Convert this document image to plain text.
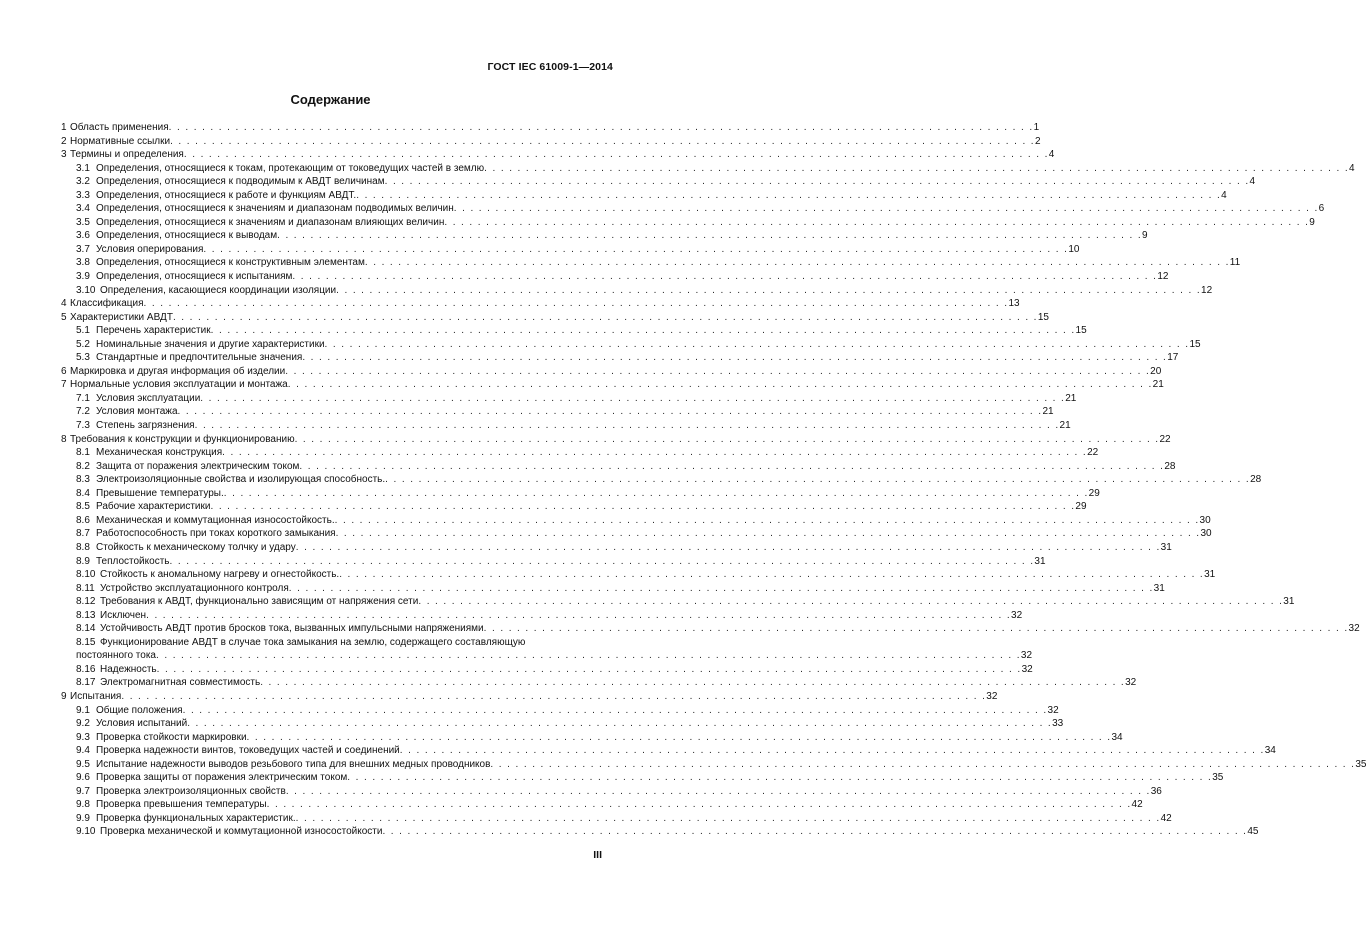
ГОСТ IEC 61009-1—2014
Содержание
1 Область применения . . .	1
2 Нормативные ссылки . . .	2
3 Термины и определения . . .	4
3.1 Определения, относящиеся к токам, протекающим от токоведущих частей в землю . . .	4
3.2 Определения, относящиеся к подводимым к АВДТ величинам . . .	4
3.3 Определения, относящиеся к работе и функциям АВДТ. . . .	4
3.4 Определения, относящиеся к значениям и диапазонам подводимых величин . . .	6
3.5 Определения, относящиеся к значениям и диапазонам влияющих величин . . .	9
3.6 Определения, относящиеся к выводам . . .	9
3.7 Условия оперирования . . .	10
3.8 Определения, относящиеся к конструктивным элементам . . .	11
3.9 Определения, относящиеся к испытаниям . . .	12
3.10 Определения, касающиеся координации изоляции . . .	12
4 Классификация . . .	13
5 Характеристики АВДТ . . .	15
5.1 Перечень характеристик . . .	15
5.2 Номинальные значения и другие характеристики . . .	15
5.3 Стандартные и предпочтительные значения . . .	17
6 Маркировка и другая информация об изделии . . .	20
7 Нормальные условия эксплуатации и монтажа . . .	21
7.1 Условия эксплуатации . . .	21
7.2 Условия монтажа . . .	21
7.3 Степень загрязнения . . .	21
8 Требования к конструкции и функционированию . . .	22
8.1 Механическая конструкция . . .	22
8.2 Защита от поражения электрическим током . . .	28
8.3 Электроизоляционные свойства и изолирующая способность. . . .	28
8.4 Превышение температуры. . . .	29
8.5 Рабочие характеристики . . .	29
8.6 Механическая и коммутационная износостойкость. . . .	30
8.7 Работоспособность при токах короткого замыкания . . .	30
8.8 Стойкость к механическому толчку и удару . . .	31
8.9 Теплостойкость . . .	31
8.10 Стойкость к аномальному нагреву и огнестойкость. . . .	31
8.11 Устройство эксплуатационного контроля . . .	31
8.12 Требования к АВДТ, функционально зависящим от напряжения сети . . .	31
8.13 Исключен . . .	32
8.14 Устойчивость АВДТ против бросков тока, вызванных импульсными напряжениями . . .	32
8.15 Функционирование АВДТ в случае тока замыкания на землю, содержащего составляющую
постоянного тока . . .	32
8.16 Надежность . . .	32
8.17 Электромагнитная совместимость . . .	32
9 Испытания . . .	32
9.1 Общие положения . . .	32
9.2 Условия испытаний . . .	33
9.3 Проверка стойкости маркировки . . .	34
9.4 Проверка надежности винтов, токоведущих частей и соединений . . .	34
9.5 Испытание надежности выводов резьбового типа для внешних медных проводников . . .	35
9.6 Проверка защиты от поражения электрическим током . . .	35
9.7 Проверка электроизоляционных свойств . . .	36
9.8 Проверка превышения температуры . . .	42
9.9 Проверка функциональных характеристик. . . .	42
9.10 Проверка механической и коммутационной износостойкости . . .	45
III
